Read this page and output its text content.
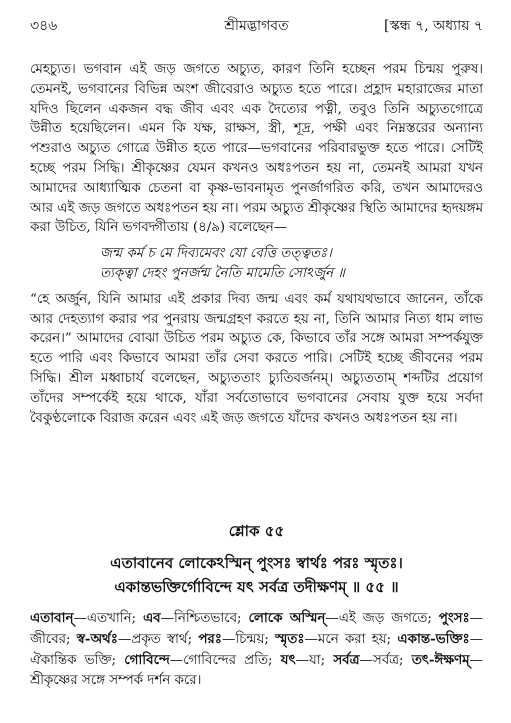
৩৪৬	শ্রীমদ্ভাগবত	[স্কন্ধ ৭, অধ্যায় ৭

মেহচ্যুত। ভগবান এই জড় জগতে অচ্যুত, কারণ তিনি হচ্ছেন পরম চিন্ময় পুরুষ। তেমনই, ভগবানের বিভিন্ন অংশ জীবেরাও অচ্যুত হতে পারে। প্রহ্লাদ মহারাজের মাতা যদিও ছিলেন একজন বদ্ধ জীব এবং এক দৈত্যের পত্নী, তবুও তিনি অচ্যুতগোত্রে উন্নীত হয়েছিলেন। এমন কি যক্ষ, রাক্ষস, স্ত্রী, শূদ্র, পক্ষী এবং নিম্নস্তরের অন্যান্য পশুরাও অচ্যুত গোত্রে উন্নীত হতে পারে—ভগবানের পরিবারভুক্ত হতে পারে। সেটিই হচ্ছে পরম সিদ্ধি। শ্রীকৃষ্ণের যেমন কখনও অধঃপতন হয় না, তেমনই আমরা যখন আমাদের আধ্যাত্মিক চেতনা বা কৃষ্ণ-ভাবনামৃত পুনর্জাগরিত করি, তখন আমাদেরও আর এই জড় জগতে অধঃপতন হয় না। পরম অচ্যুত শ্রীকৃষ্ণের স্থিতি আমাদের হৃদয়ঙ্গম করা উচিত, যিনি ভগবদ্গীতায় (৪/৯) বলেছেন—

জন্ম কর্ম চ মে দিব্যমেবং যো বেত্তি তত্ত্বতঃ।
ত্যক্ত্বা দেহং পুনর্জন্ম নৈতি মামেতি সোঽর্জুন ॥

“হে অর্জুন, যিনি আমার এই প্রকার দিব্য জন্ম এবং কর্ম যথাযথভাবে জানেন, তাঁকে আর দেহত্যাগ করার পর পুনরায় জন্মগ্রহণ করতে হয় না, তিনি আমার নিত্য ধাম লাভ করেন।” আমাদের বোঝা উচিত পরম অচ্যুত কে, কিভাবে তাঁর সঙ্গে আমরা সম্পর্কযুক্ত হতে পারি এবং কিভাবে আমরা তাঁর সেবা করতে পারি। সেটিই হচ্ছে জীবনের পরম সিদ্ধি। শ্রীল মধ্বাচার্য বলেছেন, অচ্যুততাং চ্যুতিবর্জনম্। অচ্যুততাম্ শব্দটির প্রয়োগ তাঁদের সম্পর্কেই হয়ে থাকে, যাঁরা সর্বতোভাবে ভগবানের সেবায় যুক্ত হয়ে সর্বদা বৈকুণ্ঠলোকে বিরাজ করেন এবং এই জড় জগতে যাঁদের কখনও অধঃপতন হয় না।

শ্লোক ৫৫
এতাবানেব লোকেঽস্মিন্ পুংসঃ স্বার্থঃ পরঃ স্মৃতঃ।
একান্তভক্তির্গোবিন্দে যৎ সর্বত্র তদীক্ষণম্ ॥ ৫৫ ॥
এতাবান্—এতখানি; এব—নিশ্চিতভাবে; লোকে অস্মিন্—এই জড় জগতে; পুংসঃ—জীবের; স্ব-অর্থঃ—প্রকৃত স্বার্থ; পরঃ—চিন্ময়; স্মৃতঃ—মনে করা হয়; একান্ত-ভক্তিঃ—ঐকান্তিক ভক্তি; গোবিন্দে—গোবিন্দের প্রতি; যৎ—যা; সর্বত্র—সর্বত্র; তৎ-ঈক্ষণম্—শ্রীকৃষ্ণের সঙ্গে সম্পর্ক দর্শন করে।
